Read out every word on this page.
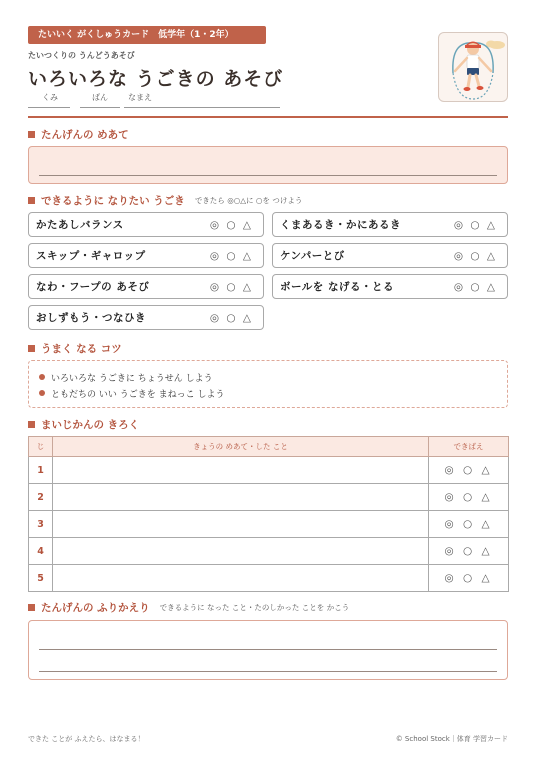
たいいく がくしゅうカード　低学年（1・2年）
たいつくりの うんどうあそび
いろいろな うごきの あそび
くみ	ばん	なまえ
たんげんの めあて
できるように なりたい うごき できたら ◎○△に ○を つけよう
かたあしバランス	◎ ○ △	くまあるき・かにあるき	◎ ○ △
スキップ・ギャロップ	◎ ○ △	ケンパーとび	◎ ○ △
なわ・フープの あそび	◎ ○ △	ボールを なげる・とる	◎ ○ △
おしずもう・つなひき	◎ ○ △
うまく なる コツ
いろいろな うごきに ちょうせん しよう
ともだちの いい うごきを まねっこ しよう
まいじかんの きろく
じ	きょうの めあて・した こと	できばえ
1		◎ ○ △
2		◎ ○ △
3		◎ ○ △
4		◎ ○ △
5		◎ ○ △
たんげんの ふりかえり できるように なった こと・たのしかった ことを かこう
できた ことが ふえたら、はなまる！	© School Stock｜体育 学習カード
